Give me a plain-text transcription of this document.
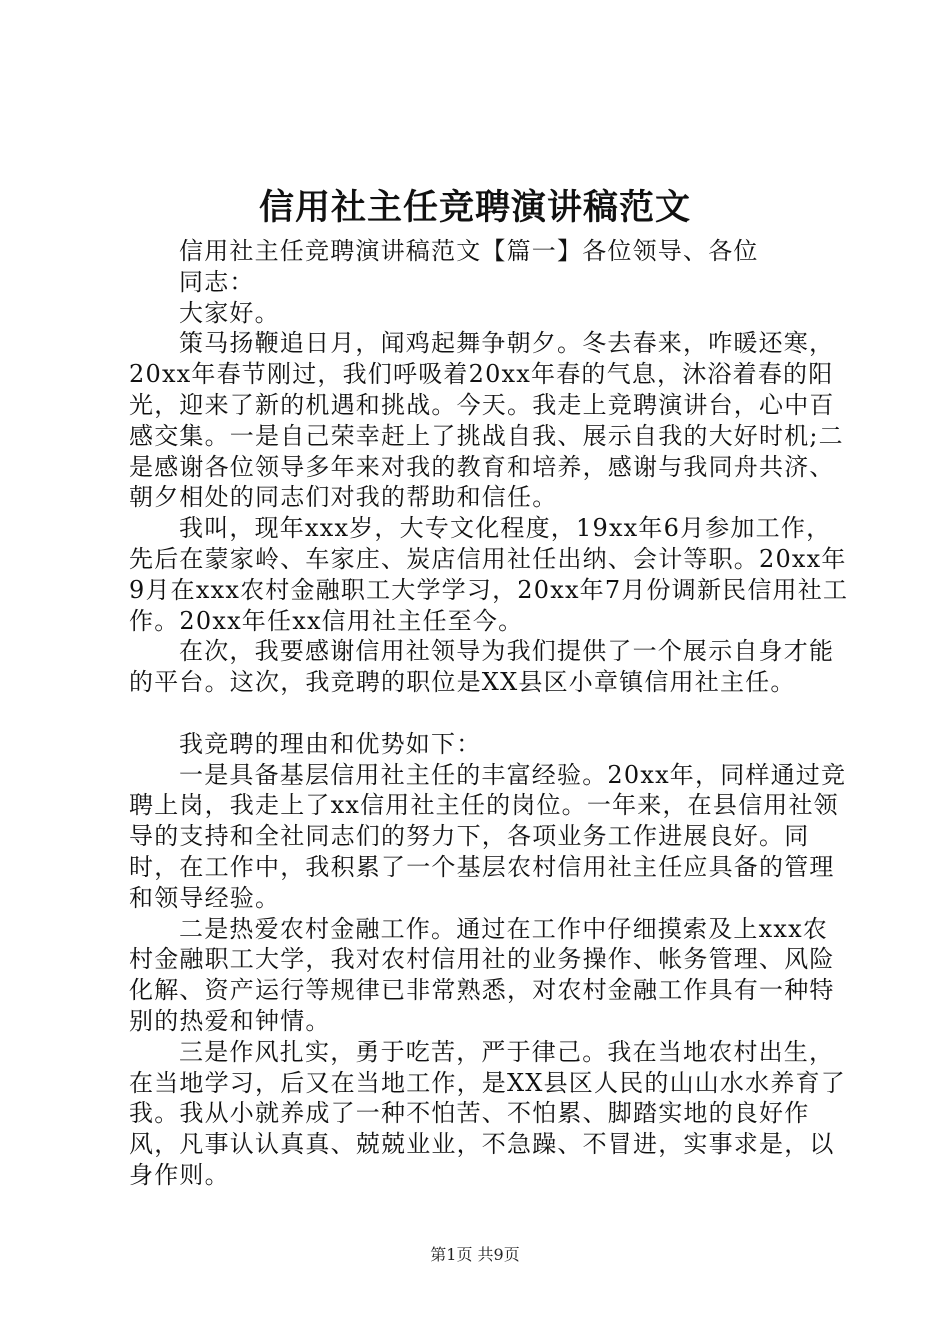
信用社主任竞聘演讲稿范文

信用社主任竞聘演讲稿范文【篇一】各位领导、各位

同志：

大家好。

策马扬鞭追日月，闻鸡起舞争朝夕。冬去春来，咋暖还寒，20xx年春节刚过，我们呼吸着20xx年春的气息，沐浴着春的阳光，迎来了新的机遇和挑战。今天。我走上竞聘演讲台，心中百感交集。一是自己荣幸赶上了挑战自我、展示自我的大好时机;二是感谢各位领导多年来对我的教育和培养，感谢与我同舟共济、朝夕相处的同志们对我的帮助和信任。

我叫，现年xxx岁，大专文化程度，19xx年6月参加工作，先后在蒙家岭、车家庄、炭店信用社任出纳、会计等职。20xx年9月在xxx农村金融职工大学学习，20xx年7月份调新民信用社工作。20xx年任xx信用社主任至今。

在次，我要感谢信用社领导为我们提供了一个展示自身才能的平台。这次，我竞聘的职位是XX县区小章镇信用社主任。

我竞聘的理由和优势如下：

一是具备基层信用社主任的丰富经验。20xx年，同样通过竞聘上岗，我走上了xx信用社主任的岗位。一年来，在县信用社领导的支持和全社同志们的努力下，各项业务工作进展良好。同时，在工作中，我积累了一个基层农村信用社主任应具备的管理和领导经验。

二是热爱农村金融工作。通过在工作中仔细摸索及上xxx农村金融职工大学，我对农村信用社的业务操作、帐务管理、风险化解、资产运行等规律已非常熟悉，对农村金融工作具有一种特别的热爱和钟情。

三是作风扎实，勇于吃苦，严于律己。我在当地农村出生，在当地学习，后又在当地工作，是XX县区人民的山山水水养育了我。我从小就养成了一种不怕苦、不怕累、脚踏实地的良好作风，凡事认认真真、兢兢业业，不急躁、不冒进，实事求是，以身作则。

第1页 共9页
